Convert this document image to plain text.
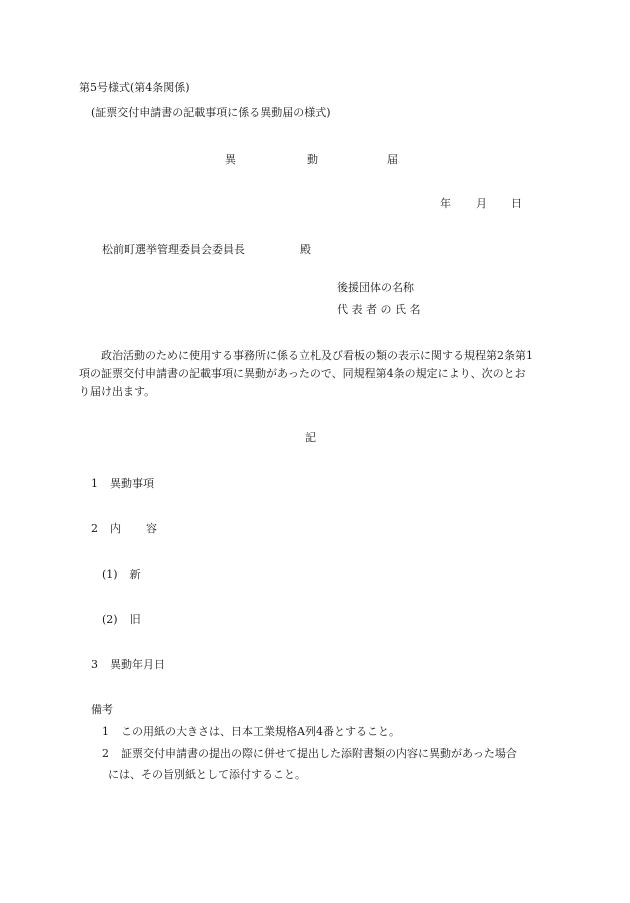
第5号様式(第4条関係)
(証票交付申請書の記載事項に係る異動届の様式)
異	動	届
年 月 日
松前町選挙管理委員会委員長	殿
後援団体の名称
代 表 者 の 氏 名
政治活動のために使用する事務所に係る立札及び看板の類の表示に関する規程第2条第1項の証票交付申請書の記載事項に異動があったので、同規程第4条の規定により、次のとおり届け出ます。
記
1 異動事項
2 内 容
(1) 新
(2) 旧
3 異動年月日
備考
1 この用紙の大きさは、日本工業規格A列4番とすること。
2 証票交付申請書の提出の際に併せて提出した添附書類の内容に異動があった場合
には、その旨別紙として添付すること。
